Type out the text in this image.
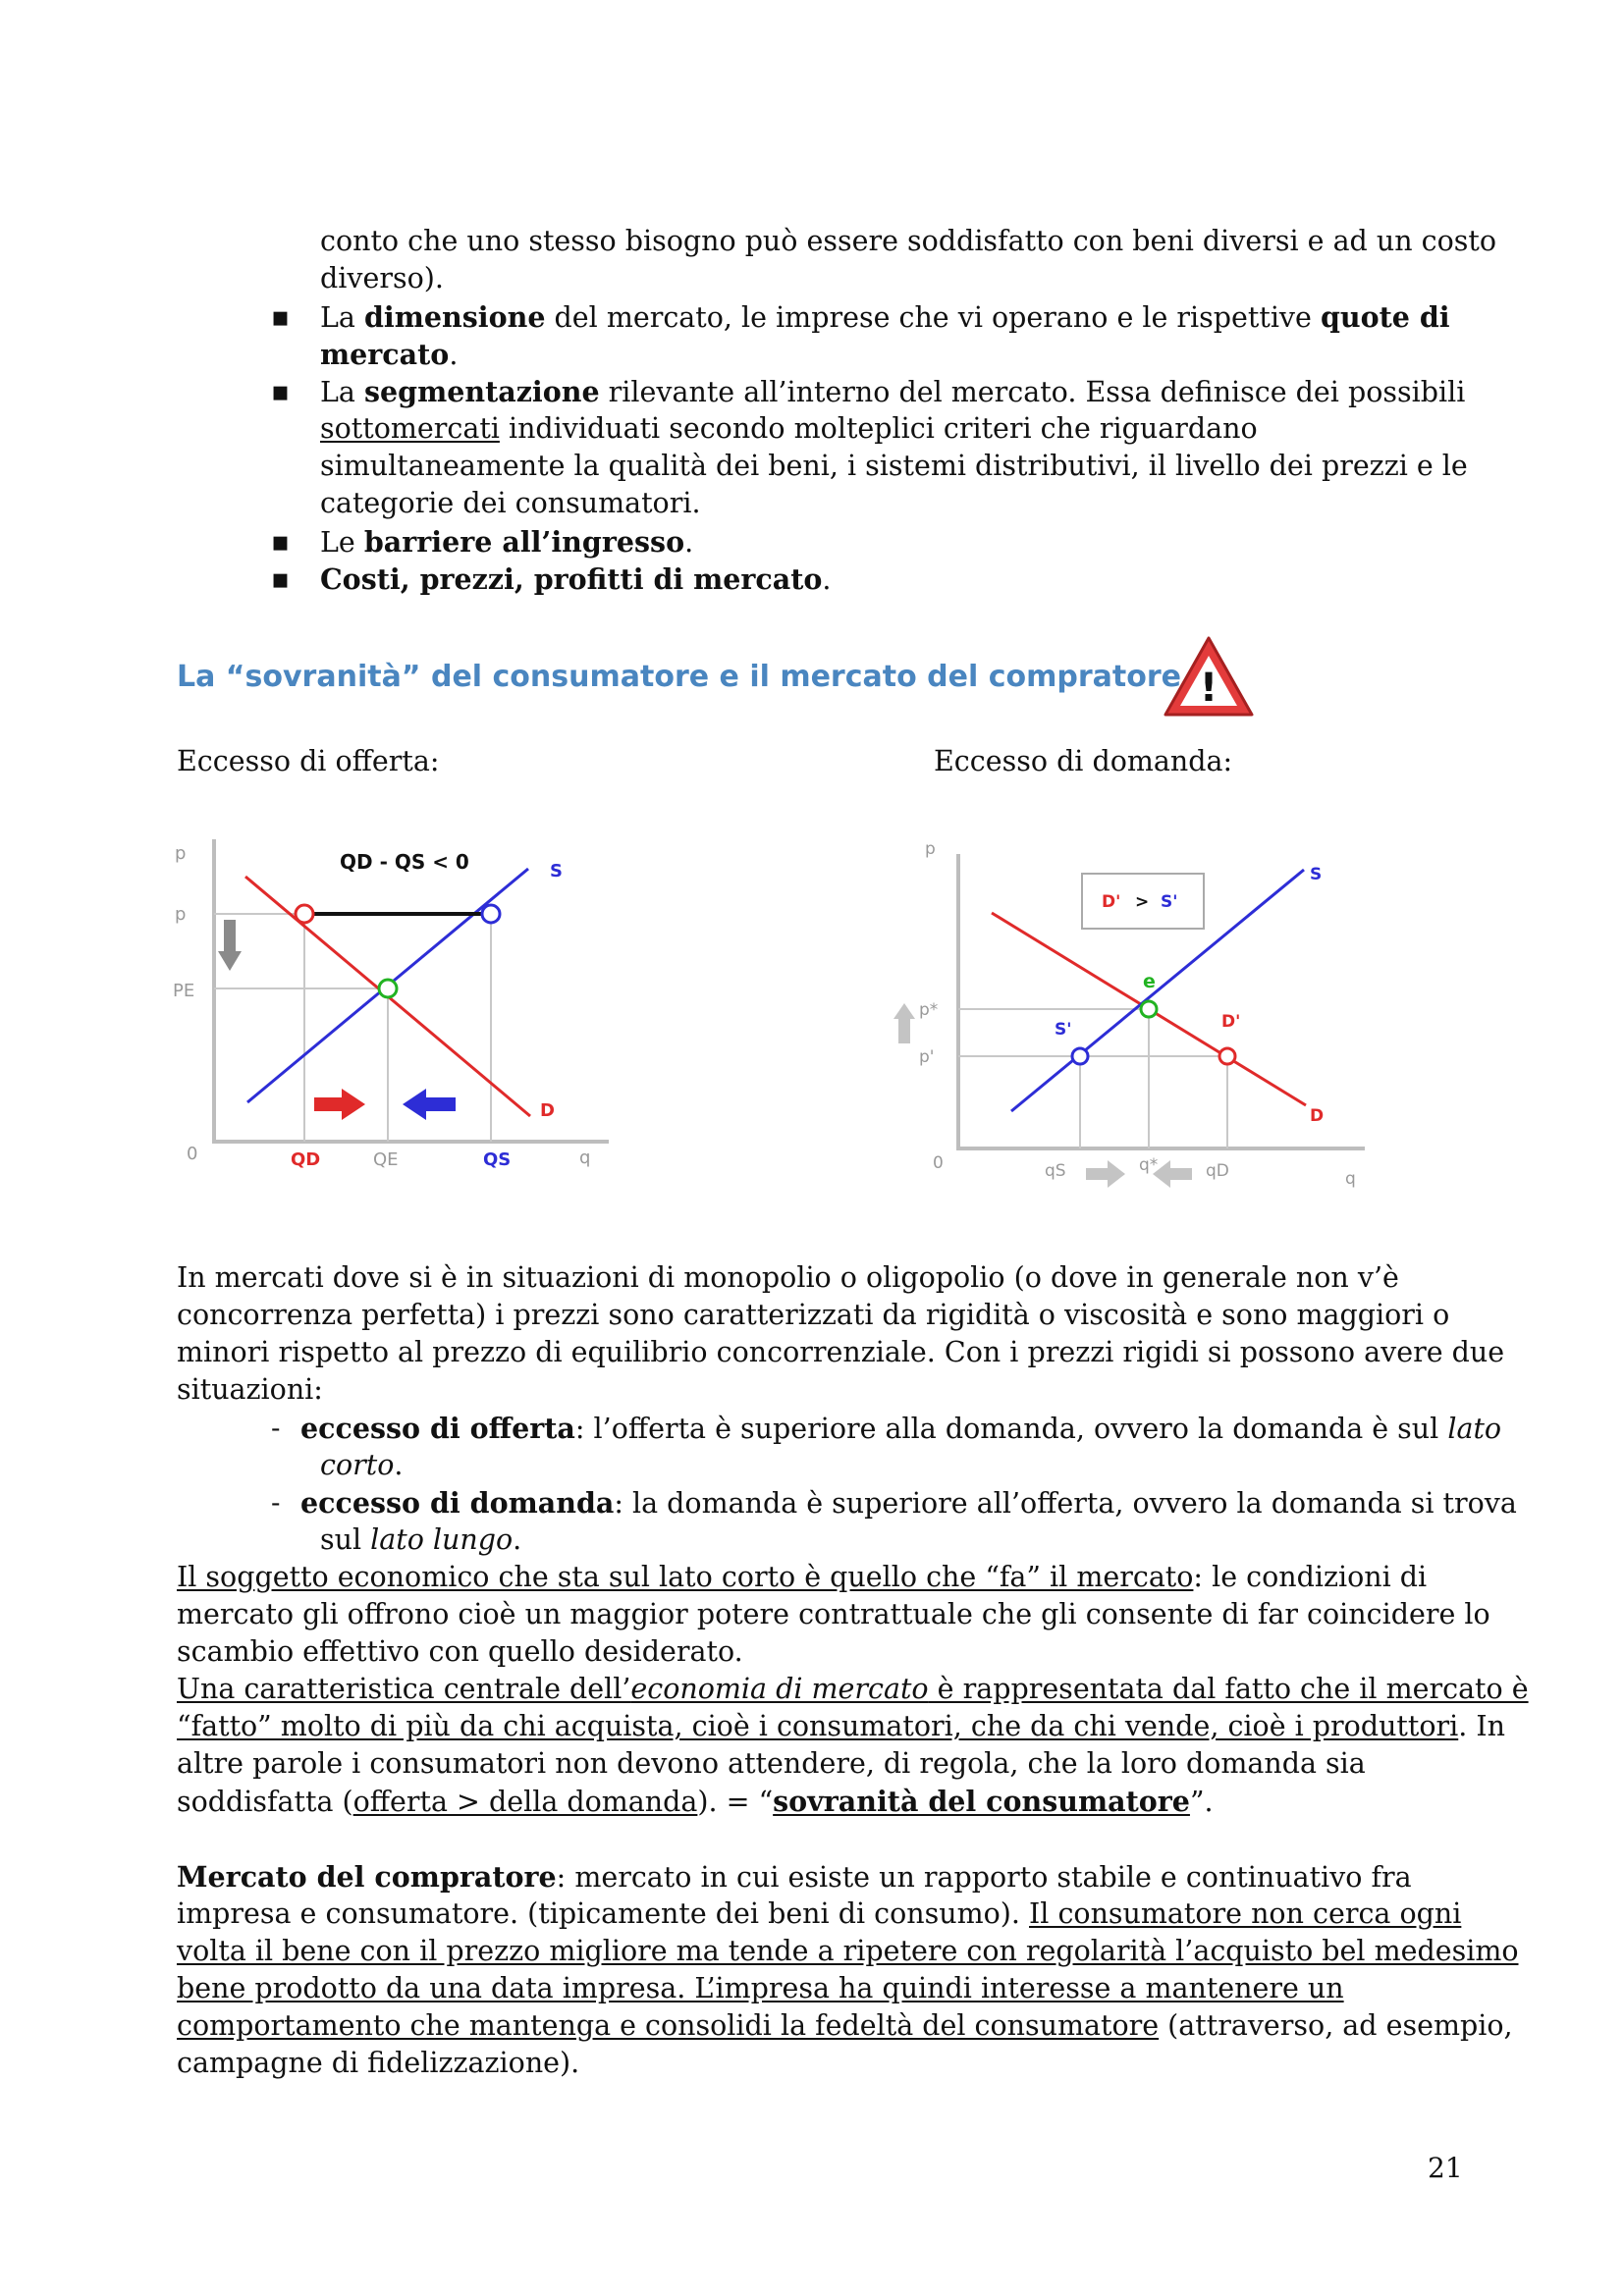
conto che uno stesso bisogno può essere soddisfatto con beni diversi e ad un costo
diverso).
▪ La dimensione del mercato, le imprese che vi operano e le rispettive quote di
mercato.
▪ La segmentazione rilevante all’interno del mercato. Essa definisce dei possibili
sottomercati individuati secondo molteplici criteri che riguardano
simultaneamente la qualità dei beni, i sistemi distributivi, il livello dei prezzi e le
categorie dei consumatori.
▪ Le barriere all’ingresso.
▪ Costi, prezzi, profitti di mercato.
La “sovranità” del consumatore e il mercato del compratore !
Eccesso di offerta:	Eccesso di domanda:
p
p
PE
0	q
QD	QE	QS
S
D
QD - QS < 0
D' > S'
p
p*
p'
0
q
qS	q*	qD
S
D
S'	D'
e
In mercati dove si è in situazioni di monopolio o oligopolio (o dove in generale non v’è
concorrenza perfetta) i prezzi sono caratterizzati da rigidità o viscosità e sono maggiori o
minori rispetto al prezzo di equilibrio concorrenziale. Con i prezzi rigidi si possono avere due
situazioni:
- eccesso di offerta: l’offerta è superiore alla domanda, ovvero la domanda è sul lato
corto.
- eccesso di domanda: la domanda è superiore all’offerta, ovvero la domanda si trova
sul lato lungo.
Il soggetto economico che sta sul lato corto è quello che “fa” il mercato: le condizioni di
mercato gli offrono cioè un maggior potere contrattuale che gli consente di far coincidere lo
scambio effettivo con quello desiderato.
Una caratteristica centrale dell’economia di mercato è rappresentata dal fatto che il mercato è
“fatto” molto di più da chi acquista, cioè i consumatori, che da chi vende, cioè i produttori. In
altre parole i consumatori non devono attendere, di regola, che la loro domanda sia
soddisfatta (offerta > della domanda). = “sovranità del consumatore”.
Mercato del compratore: mercato in cui esiste un rapporto stabile e continuativo fra
impresa e consumatore. (tipicamente dei beni di consumo). Il consumatore non cerca ogni
volta il bene con il prezzo migliore ma tende a ripetere con regolarità l’acquisto bel medesimo
bene prodotto da una data impresa. L’impresa ha quindi interesse a mantenere un
comportamento che mantenga e consolidi la fedeltà del consumatore (attraverso, ad esempio,
campagne di fidelizzazione).
21
